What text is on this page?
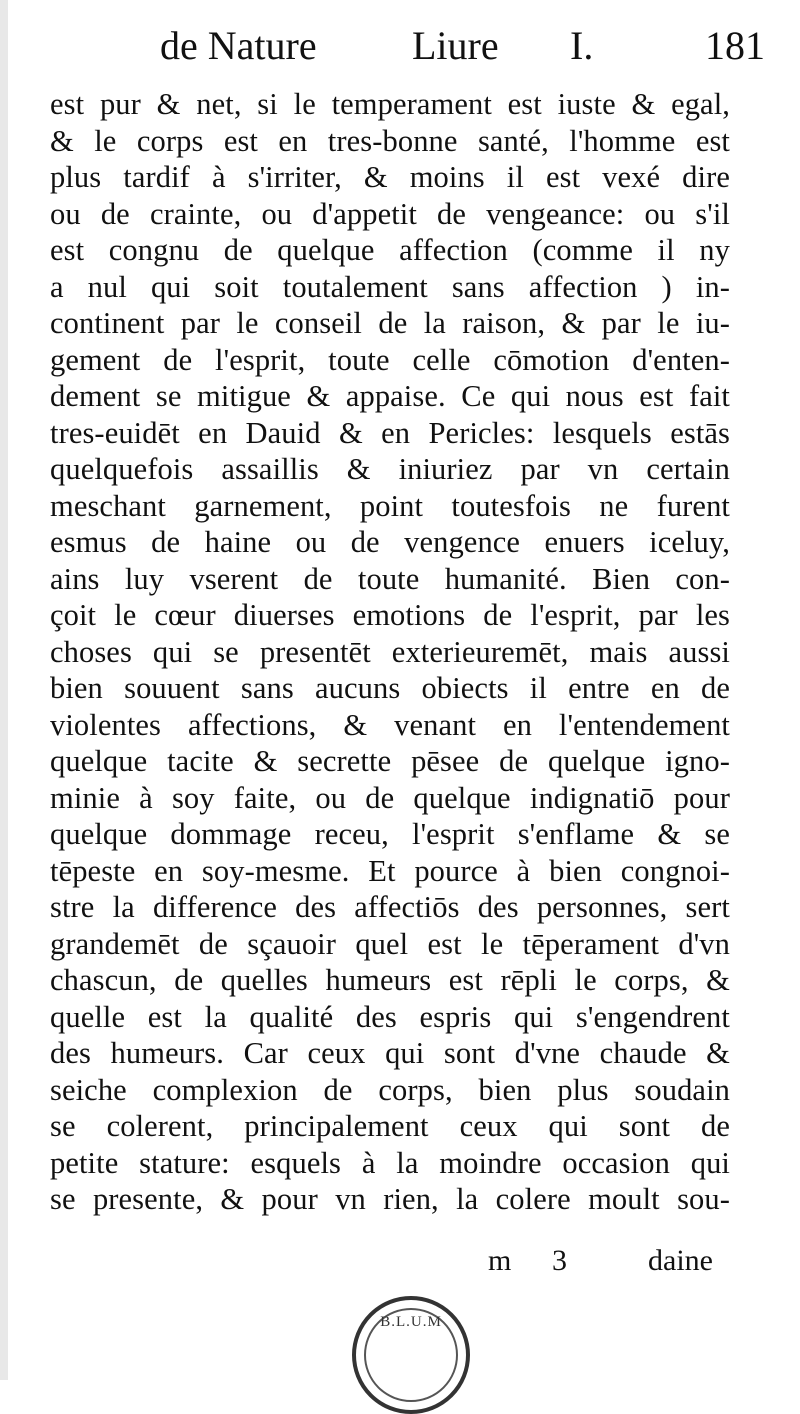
de Nature Liure I.	181
est pur & net, si le temperament est iuste & egal,
& le corps est en tres-bonne santé, l'homme est
plus tardif à s'irriter, & moins il est vexé dire
ou de crainte, ou d'appetit de vengeance: ou s'il
est congnu de quelque affection (comme il ny
a nul qui soit toutalement sans affection ) in-
continent par le conseil de la raison, & par le iu-
gement de l'esprit, toute celle cōmotion d'enten-
dement se mitigue & appaise. Ce qui nous est fait
tres-euidēt en Dauid & en Pericles: lesquels estās
quelquefois assaillis & iniuriez par vn certain
meschant garnement, point toutesfois ne furent
esmus de haine ou de vengence enuers iceluy,
ains luy vserent de toute humanité. Bien con-
çoit le cœur diuerses emotions de l'esprit, par les
choses qui se presentēt exterieuremēt, mais aussi
bien souuent sans aucuns obiects il entre en de
violentes affections, & venant en l'entendement
quelque tacite & secrette pēsee de quelque igno-
minie à soy faite, ou de quelque indignatiō pour
quelque dommage receu, l'esprit s'enflame & se
tēpeste en soy-mesme. Et pource à bien congnoi-
stre la difference des affectiōs des personnes, sert
grandemēt de sçauoir quel est le tēperament d'vn
chascun, de quelles humeurs est rēpli le corps, &
quelle est la qualité des espris qui s'engendrent
des humeurs. Car ceux qui sont d'vne chaude &
seiche complexion de corps, bien plus soudain
se colerent, principalement ceux qui sont de
petite stature: esquels à la moindre occasion qui
se presente, & pour vn rien, la colere moult sou-
m 3	daine
B.L.U.M
